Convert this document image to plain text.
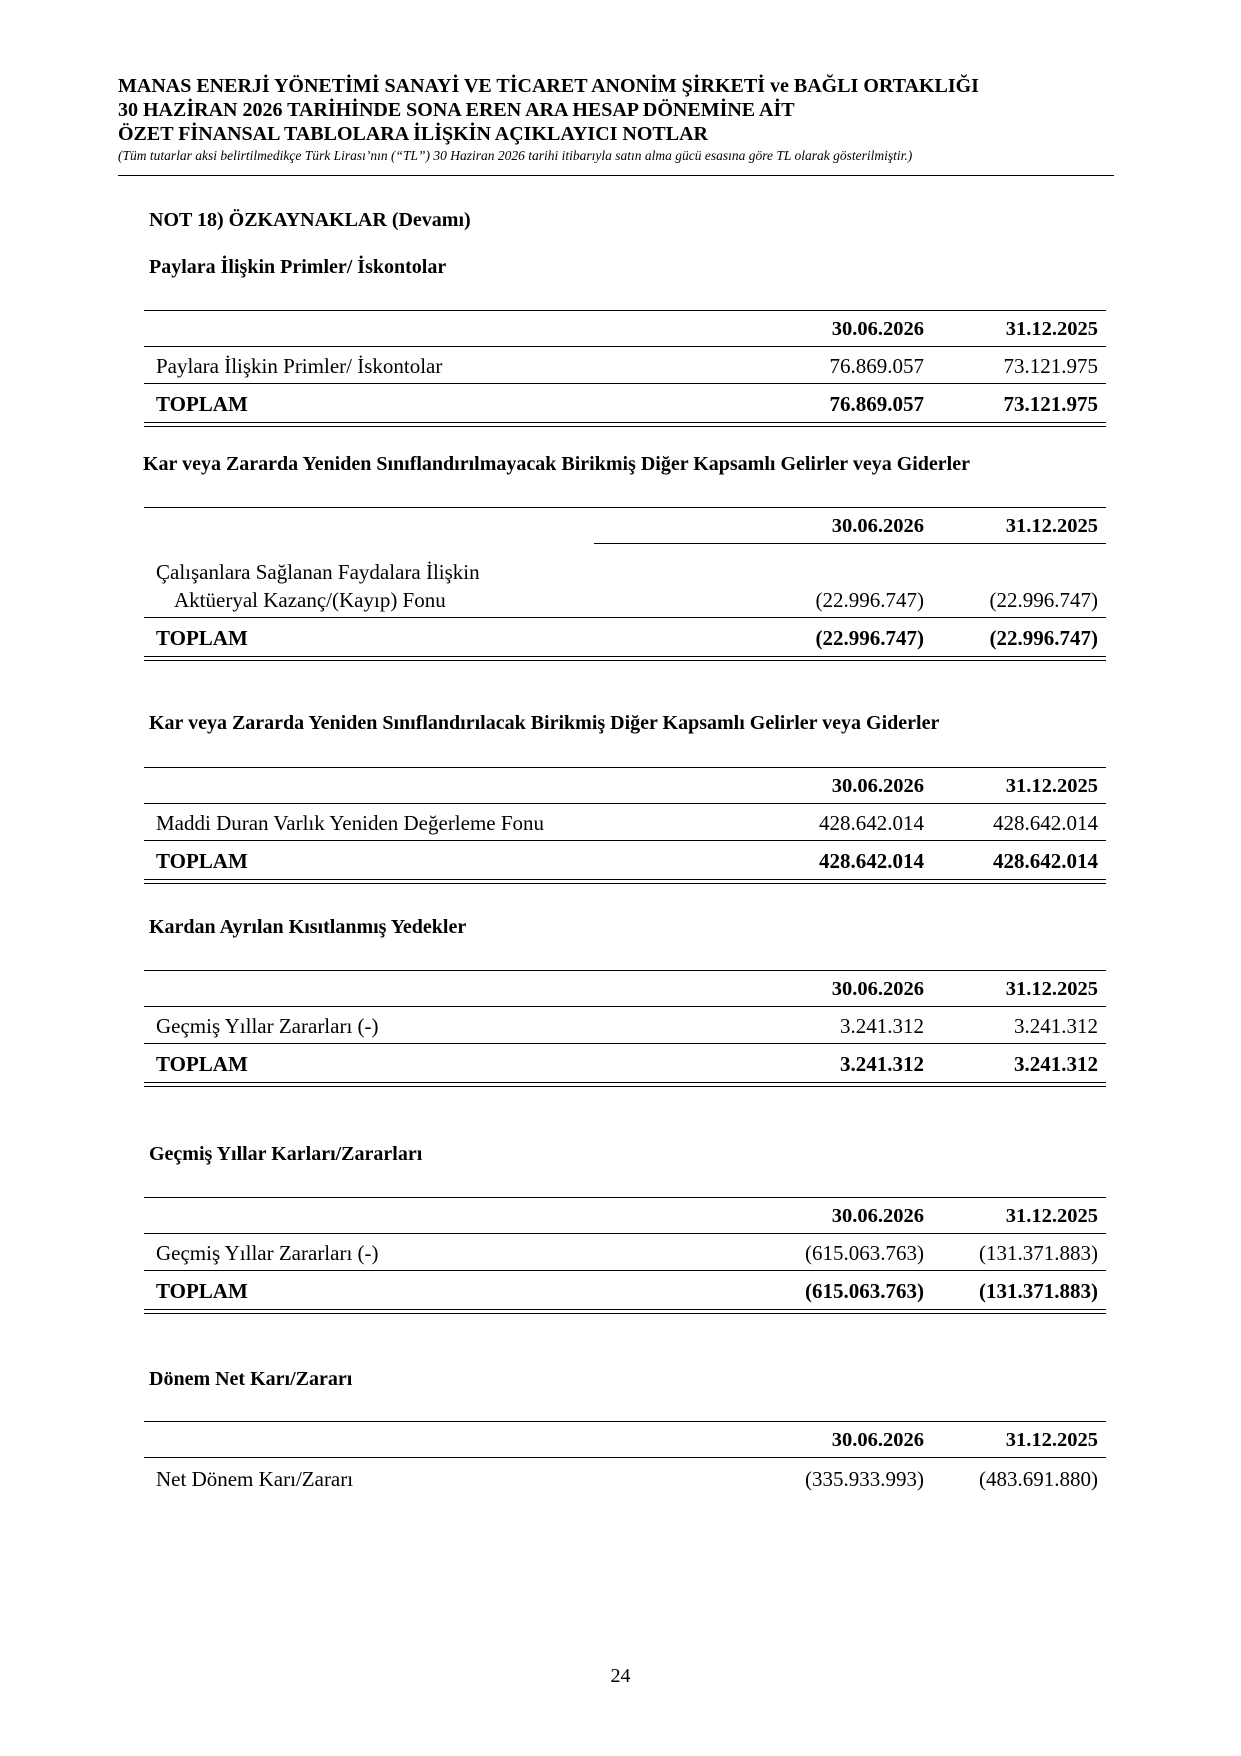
MANAS ENERJİ YÖNETİMİ SANAYİ VE TİCARET ANONİM ŞİRKETİ ve BAĞLI ORTAKLIĞI

30 HAZİRAN 2026 TARİHİNDE SONA EREN ARA HESAP DÖNEMİNE AİT

ÖZET FİNANSAL TABLOLARA İLİŞKİN AÇIKLAYICI NOTLAR

(Tüm tutarlar aksi belirtilmedikçe Türk Lirası’nın (“TL”) 30 Haziran 2026 tarihi itibarıyla satın alma gücü esasına göre TL olarak gösterilmiştir.)
NOT 18) ÖZKAYNAKLAR (Devamı)
Paylara İlişkin Primler/ İskontolar
30.06.2026	31.12.2025
Paylara İlişkin Primler/ İskontolar	76.869.057	73.121.975
TOPLAM	76.869.057	73.121.975
Kar veya Zararda Yeniden Sınıflandırılmayacak Birikmiş Diğer Kapsamlı Gelirler veya Giderler
30.06.2026	31.12.2025
Çalışanlara Sağlanan Faydalara İlişkin
Aktüeryal Kazanç/(Kayıp) Fonu	(22.996.747)	(22.996.747)
TOPLAM	(22.996.747)	(22.996.747)
Kar veya Zararda Yeniden Sınıflandırılacak Birikmiş Diğer Kapsamlı Gelirler veya Giderler
30.06.2026	31.12.2025
Maddi Duran Varlık Yeniden Değerleme Fonu	428.642.014	428.642.014
TOPLAM	428.642.014	428.642.014
Kardan Ayrılan Kısıtlanmış Yedekler
30.06.2026	31.12.2025
Geçmiş Yıllar Zararları (-)	3.241.312	3.241.312
TOPLAM	3.241.312	3.241.312
Geçmiş Yıllar Karları/Zararları
30.06.2026	31.12.2025
Geçmiş Yıllar Zararları (-)	(615.063.763)	(131.371.883)
TOPLAM	(615.063.763)	(131.371.883)
Dönem Net Karı/Zararı
30.06.2026	31.12.2025
Net Dönem Karı/Zararı	(335.933.993)	(483.691.880)
24
